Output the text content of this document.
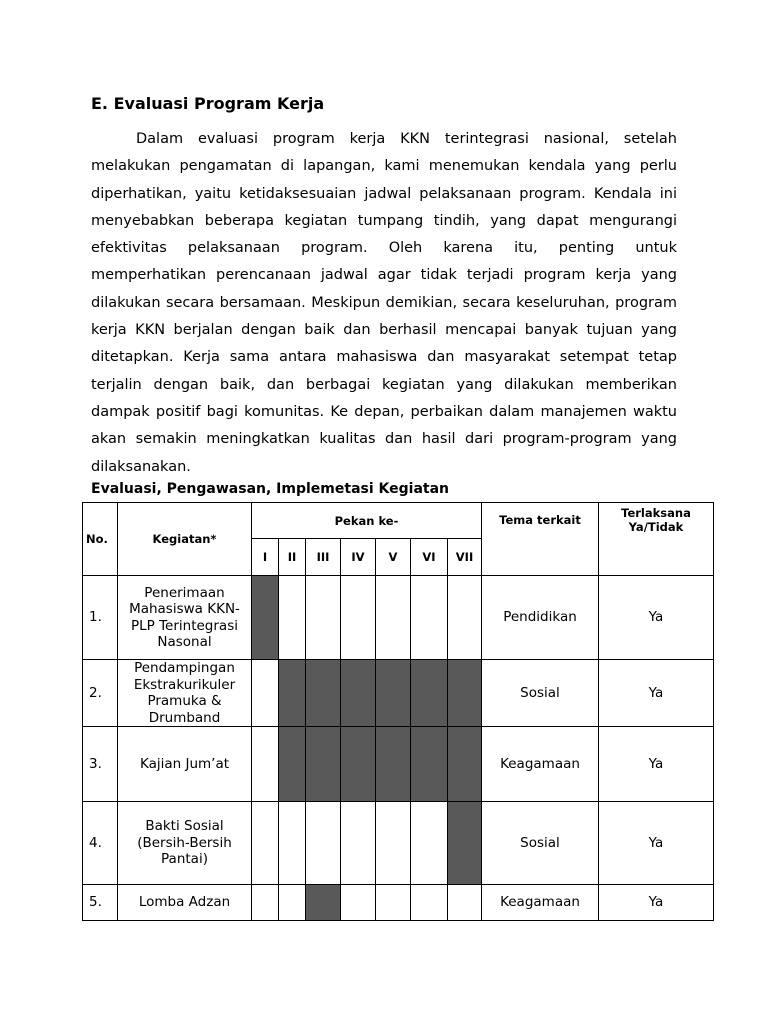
E. Evaluasi Program Kerja

Dalam evaluasi program kerja KKN terintegrasi nasional, setelah melakukan pengamatan di lapangan, kami menemukan kendala yang perlu diperhatikan, yaitu ketidaksesuaian jadwal pelaksanaan program. Kendala ini menyebabkan beberapa kegiatan tumpang tindih, yang dapat mengurangi efektivitas pelaksanaan program. Oleh karena itu, penting untuk memperhatikan perencanaan jadwal agar tidak terjadi program kerja yang dilakukan secara bersamaan. Meskipun demikian, secara keseluruhan, program kerja KKN berjalan dengan baik dan berhasil mencapai banyak tujuan yang ditetapkan. Kerja sama antara mahasiswa dan masyarakat setempat tetap terjalin dengan baik, dan berbagai kegiatan yang dilakukan memberikan dampak positif bagi komunitas. Ke depan, perbaikan dalam manajemen waktu akan semakin meningkatkan kualitas dan hasil dari program-program yang dilaksanakan.

Evaluasi, Pengawasan, Implemetasi Kegiatan

No.	Kegiatan*	Pekan ke-							Tema terkait	Terlaksana Ya/Tidak
		I	II	III	IV	V	VI	VII		
1.	Penerimaan Mahasiswa KKN-PLP Terintegrasi Nasonal								Pendidikan	Ya
2.	Pendampingan Ekstrakurikuler Pramuka & Drumband								Sosial	Ya
3.	Kajian Jum’at								Keagamaan	Ya
4.	Bakti Sosial (Bersih-Bersih Pantai)								Sosial	Ya
5.	Lomba Adzan								Keagamaan	Ya
